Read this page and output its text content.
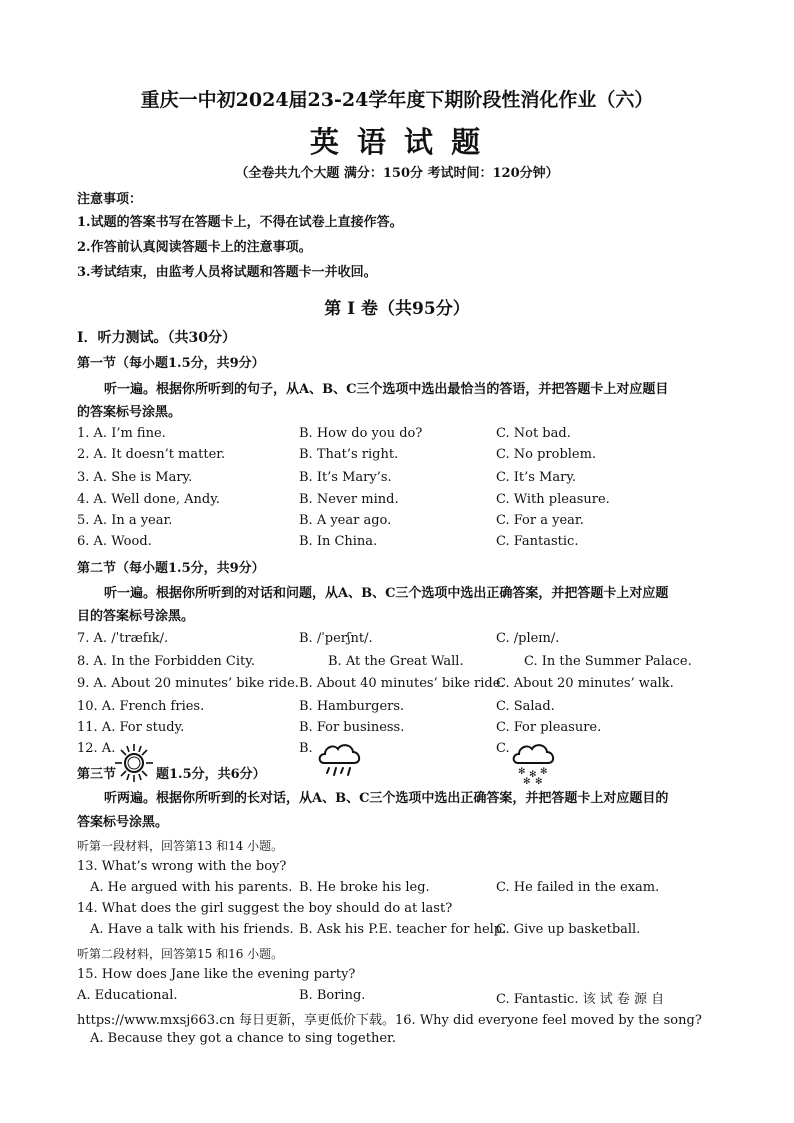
重庆一中初2024届23-24学年度下期阶段性消化作业（六）
英 语 试 题
（全卷共九个大题 满分：150分 考试时间：120分钟）
注意事项：
1.试题的答案书写在答题卡上，不得在试卷上直接作答。
2.作答前认真阅读答题卡上的注意事项。
3.考试结束，由监考人员将试题和答题卡一并收回。
第 I 卷（共95分）
Ⅰ．听力测试。（共30分）
第一节（每小题1.5分，共9分）
听一遍。根据你所听到的句子，从A、B、C三个选项中选出最恰当的答语，并把答题卡上对应题目
的答案标号涂黑。
1. A. I’m fine.	B. How do you do?	C. Not bad.
2. A. It doesn’t matter.	B. That’s right.	C. No problem.
3. A. She is Mary.	B. It’s Mary’s.	C. It’s Mary.
4. A. Well done, Andy.	B. Never mind.	C. With pleasure.
5. A. In a year.	B. A year ago.	C. For a year.
6. A. Wood.	B. In China.	C. Fantastic.
第二节（每小题1.5分，共9分）
听一遍。根据你所听到的对话和问题，从A、B、C三个选项中选出正确答案，并把答题卡上对应题
目的答案标号涂黑。
7. A. /ˈtræfɪk/.	B. /ˈperʃnt/.	C. /pleɪn/.
8. A. In the Forbidden City.	B. At the Great Wall.	C. In the Summer Palace.
9. A. About 20 minutes’ bike ride. B. About 40 minutes’ bike ride.
C. About 20 minutes’ walk.
10. A. French fries.	B. Hamburgers.	C. Salad.
11. A. For study.	B. For business.	C. For pleasure.
12. A.	B.	C.
第三节	题1.5分，共6分）	✻ ✻ ✻
✻ ✻
听两遍。根据你所听到的长对话，从A、B、C三个选项中选出正确答案，并把答题卡上对应题目的
答案标号涂黑。
听第一段材料，回答第13 和14 小题。
13. What’s wrong with the boy?
A. He argued with his parents. B. He broke his leg.	C. He failed in the exam.
14. What does the girl suggest the boy should do at last?
A. Have a talk with his friends. B. Ask his P.E. teacher for help.
C. Give up basketball.
听第二段材料，回答第15 和16 小题。
15. How does Jane like the evening party?
A. Educational.	B. Boring.	C. Fantastic. 该 试 卷 源 自
https://www.mxsj663.cn 每日更新，享更低价下载。16. Why did everyone feel moved by the song?
A. Because they got a chance to sing together.
